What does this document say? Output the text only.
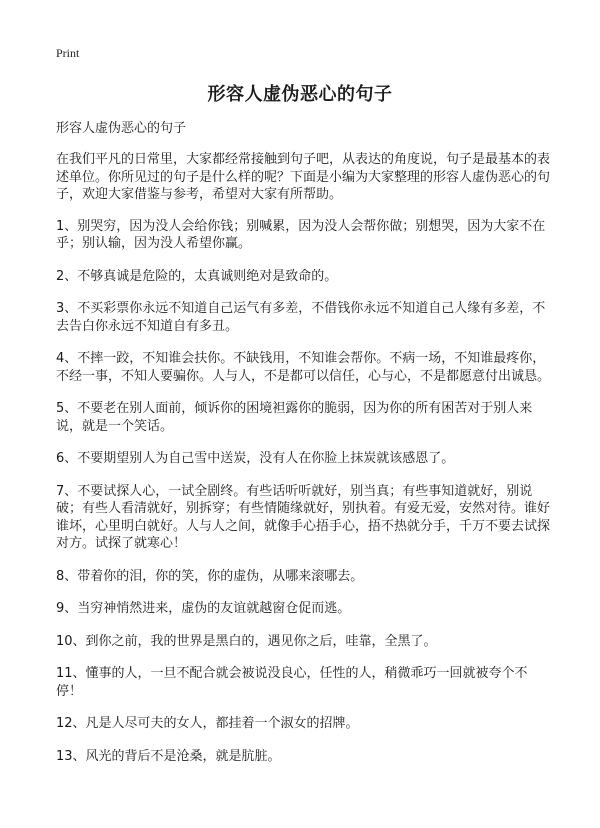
Print
形容人虚伪恶心的句子

形容人虚伪恶心的句子

在我们平凡的日常里，大家都经常接触到句子吧，从表达的角度说，句子是最基本的表述单位。你所见过的句子是什么样的呢？下面是小编为大家整理的形容人虚伪恶心的句子，欢迎大家借鉴与参考，希望对大家有所帮助。

1、别哭穷，因为没人会给你钱；别喊累，因为没人会帮你做；别想哭，因为大家不在乎；别认输，因为没人希望你赢。

2、不够真诚是危险的，太真诚则绝对是致命的。

3、不买彩票你永远不知道自己运气有多差，不借钱你永远不知道自己人缘有多差，不去告白你永远不知道自有多丑。

4、不摔一跤，不知谁会扶你。不缺钱用，不知谁会帮你。不病一场，不知谁最疼你，不经一事，不知人要骗你。人与人，不是都可以信任，心与心，不是都愿意付出诚恳。

5、不要老在别人面前，倾诉你的困境袒露你的脆弱，因为你的所有困苦对于别人来说，就是一个笑话。

6、不要期望别人为自己雪中送炭，没有人在你脸上抹炭就该感恩了。

7、不要试探人心，一试全剧终。有些话听听就好，别当真；有些事知道就好，别说破；有些人看清就好，别拆穿；有些情随缘就好，别执着。有爱无爱，安然对待。谁好谁坏，心里明白就好。人与人之间，就像手心捂手心，捂不热就分手，千万不要去试探对方。试探了就寒心！

8、带着你的泪，你的笑，你的虚伪，从哪来滚哪去。

9、当穷神悄然进来，虚伪的友谊就越窗仓促而逃。

10、到你之前，我的世界是黑白的，遇见你之后，哇靠，全黑了。

11、懂事的人，一旦不配合就会被说没良心，任性的人，稍微乖巧一回就被夸个不停！

12、凡是人尽可夫的女人，都挂着一个淑女的招牌。

13、风光的背后不是沧桑，就是肮脏。
